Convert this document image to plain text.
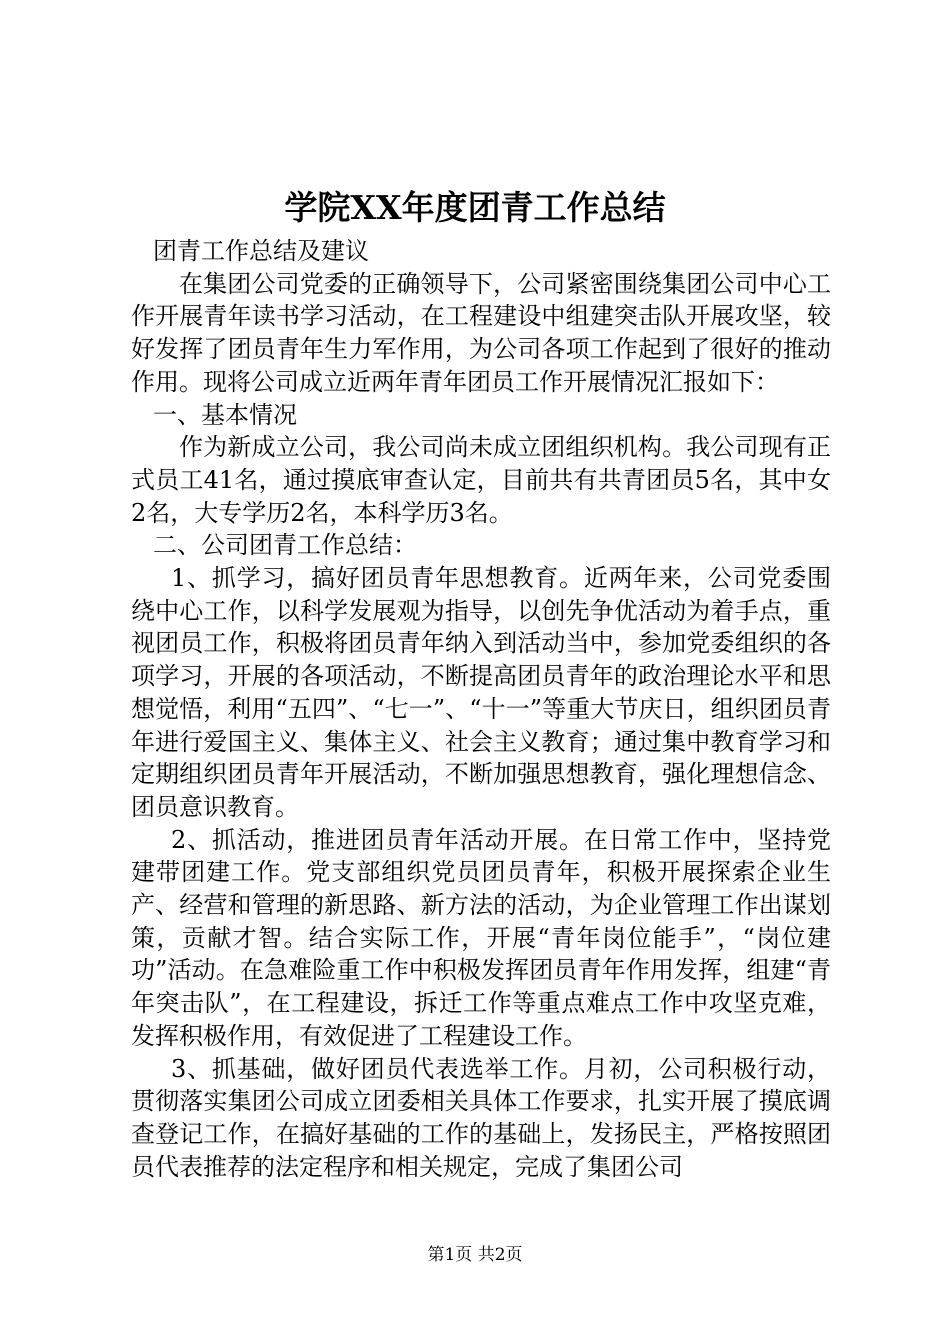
学院XX年度团青工作总结

团青工作总结及建议

在集团公司党委的正确领导下，公司紧密围绕集团公司中心工作开展青年读书学习活动，在工程建设中组建突击队开展攻坚，较好发挥了团员青年生力军作用，为公司各项工作起到了很好的推动作用。现将公司成立近两年青年团员工作开展情况汇报如下：

一、基本情况

作为新成立公司，我公司尚未成立团组织机构。我公司现有正式员工41名，通过摸底审查认定，目前共有共青团员5名，其中女2名，大专学历2名，本科学历3名。

二、公司团青工作总结：

1、抓学习，搞好团员青年思想教育。近两年来，公司党委围绕中心工作，以科学发展观为指导，以创先争优活动为着手点，重视团员工作，积极将团员青年纳入到活动当中，参加党委组织的各项学习，开展的各项活动，不断提高团员青年的政治理论水平和思想觉悟，利用“五四”、“七一”、“十一”等重大节庆日，组织团员青年进行爱国主义、集体主义、社会主义教育；通过集中教育学习和定期组织团员青年开展活动，不断加强思想教育，强化理想信念、团员意识教育。

2、抓活动，推进团员青年活动开展。在日常工作中，坚持党建带团建工作。党支部组织党员团员青年，积极开展探索企业生产、经营和管理的新思路、新方法的活动，为企业管理工作出谋划策，贡献才智。结合实际工作，开展“青年岗位能手”，“岗位建功”活动。在急难险重工作中积极发挥团员青年作用发挥，组建“青年突击队”，在工程建设，拆迁工作等重点难点工作中攻坚克难，发挥积极作用，有效促进了工程建设工作。

3、抓基础，做好团员代表选举工作。月初，公司积极行动，贯彻落实集团公司成立团委相关具体工作要求，扎实开展了摸底调查登记工作，在搞好基础的工作的基础上，发扬民主，严格按照团员代表推荐的法定程序和相关规定，完成了集团公司

第1页 共2页
